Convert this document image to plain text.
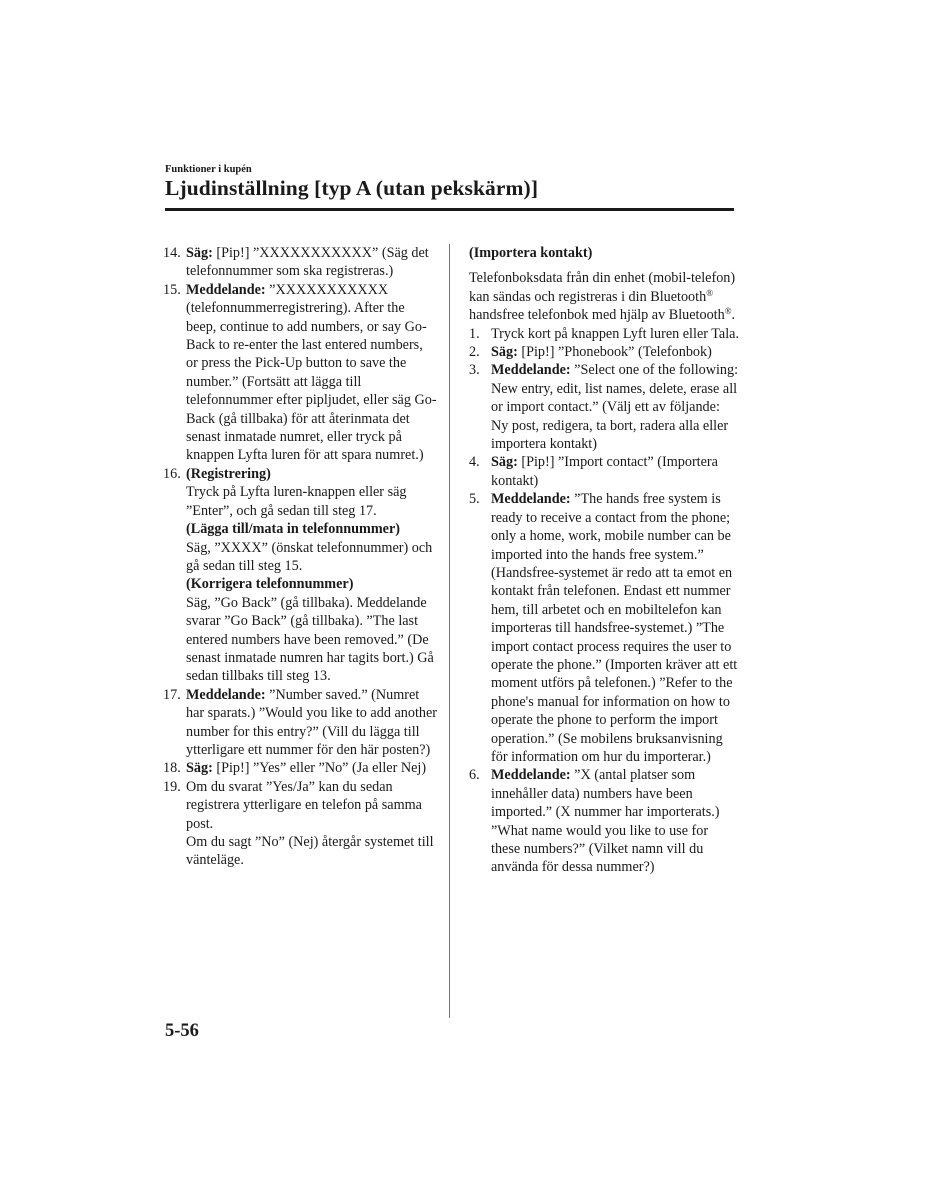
Funktioner i kupén
Ljudinställning [typ A (utan pekskärm)]
14. Säg: [Pip!] ”XXXXXXXXXXX” (Säg det telefonnummer som ska registreras.)
15. Meddelande: ”XXXXXXXXXXX (telefonnummerregistrering). After the beep, continue to add numbers, or say Go-Back to re-enter the last entered numbers, or press the Pick-Up button to save the number.” (Fortsätt att lägga till telefonnummer efter pipljudet, eller säg Go-Back (gå tillbaka) för att återinmata det senast inmatade numret, eller tryck på knappen Lyfta luren för att spara numret.)
16. (Registrering)
Tryck på Lyfta luren-knappen eller säg ”Enter”, och gå sedan till steg 17.
(Lägga till/mata in telefonnummer)
Säg, ”XXXX” (önskat telefonnummer) och gå sedan till steg 15.
(Korrigera telefonnummer)
Säg, ”Go Back” (gå tillbaka). Meddelande svarar ”Go Back” (gå tillbaka). ”The last entered numbers have been removed.” (De senast inmatade numren har tagits bort.) Gå sedan tillbaks till steg 13.
17. Meddelande: ”Number saved.” (Numret har sparats.) ”Would you like to add another number for this entry?” (Vill du lägga till ytterligare ett nummer för den här posten?)
18. Säg: [Pip!] ”Yes” eller ”No” (Ja eller Nej)
19. Om du svarat ”Yes/Ja” kan du sedan registrera ytterligare en telefon på samma post.
Om du sagt ”No” (Nej) återgår systemet till vänteläge.
(Importera kontakt)
Telefonboksdata från din enhet (mobil-telefon) kan sändas och registreras i din Bluetooth® handsfree telefonbok med hjälp av Bluetooth®.
1. Tryck kort på knappen Lyft luren eller Tala.
2. Säg: [Pip!] ”Phonebook” (Telefonbok)
3. Meddelande: ”Select one of the following: New entry, edit, list names, delete, erase all or import contact.” (Välj ett av följande: Ny post, redigera, ta bort, radera alla eller importera kontakt)
4. Säg: [Pip!] ”Import contact” (Importera kontakt)
5. Meddelande: ”The hands free system is ready to receive a contact from the phone; only a home, work, mobile number can be imported into the hands free system.” (Handsfree-systemet är redo att ta emot en kontakt från telefonen. Endast ett nummer hem, till arbetet och en mobiltelefon kan importeras till handsfree-systemet.) ”The import contact process requires the user to operate the phone.” (Importen kräver att ett moment utförs på telefonen.) ”Refer to the phone's manual for information on how to operate the phone to perform the import operation.” (Se mobilens bruksanvisning för information om hur du importerar.)
6. Meddelande: ”X (antal platser som innehåller data) numbers have been imported.” (X nummer har importerats.) ”What name would you like to use for these numbers?” (Vilket namn vill du använda för dessa nummer?)
5-56
